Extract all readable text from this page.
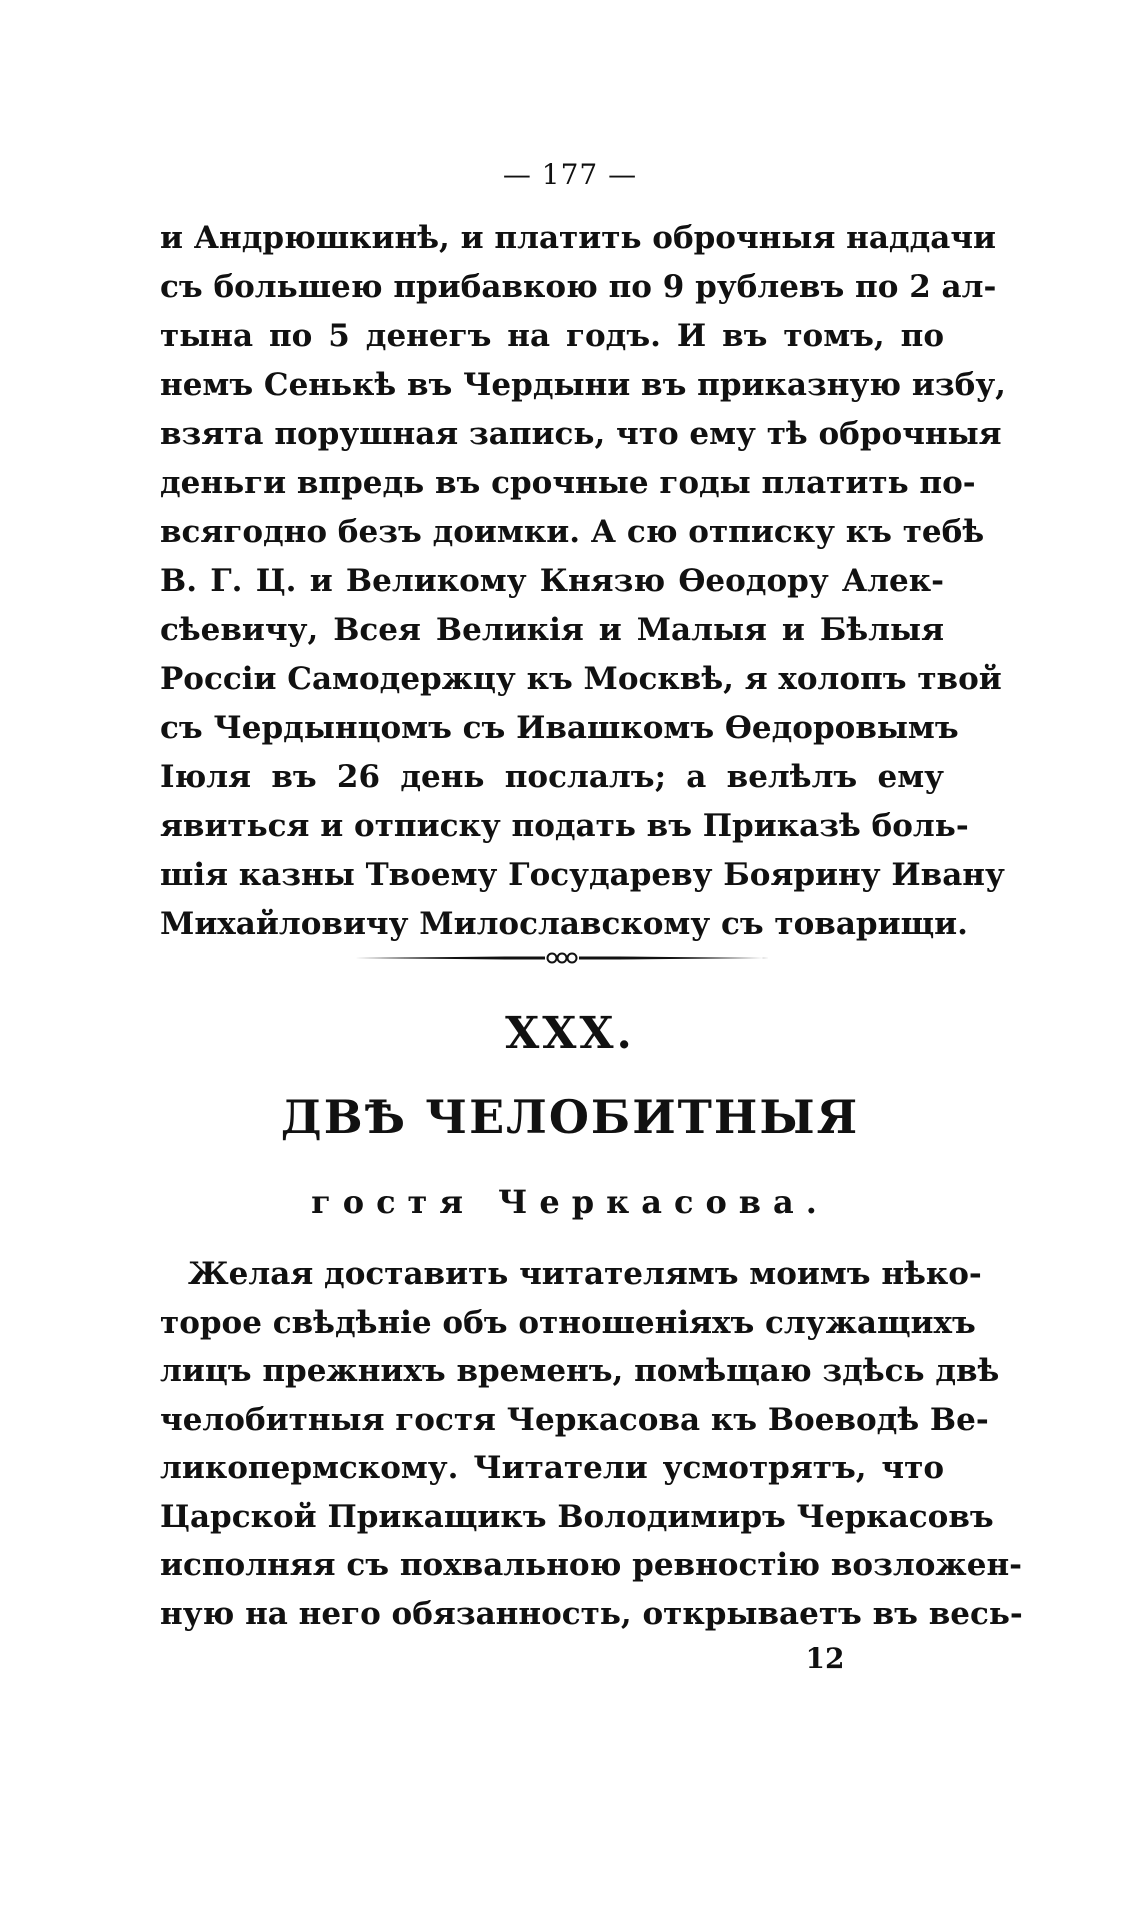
— 177 —
и Андрюшкинѣ, и платить оброчныя наддачи
съ большею прибавкою по 9 рублевъ по 2 ал-
тына по 5 денегъ на годъ. И въ томъ, по
немъ Сенькѣ въ Чердыни въ приказную избу,
взята порушная запись, что ему тѣ оброчныя
деньги впредь въ срочные годы платить по-
всягодно безъ доимки. А сю отписку къ тебѣ
В. Г. Ц. и Великому Князю Өеодору Алек-
сѣевичу, Всея Великія и Малыя и Бѣлыя
Россіи Самодержцу къ Москвѣ, я холопъ твой
съ Чердынцомъ съ Ивашкомъ Өедоровымъ
Іюля въ 26 день послалъ; а велѣлъ ему
явиться и отписку подать въ Приказѣ боль-
шія казны Твоему Государеву Боярину Ивану
Михайловичу Милославскому съ товарищи.
XXX.
ДВѢ ЧЕЛОБИТНЫЯ
гостя Черкасова.
Желая доставить читателямъ моимъ нѣко-
торое свѣдѣніе объ отношеніяхъ служащихъ
лицъ прежнихъ временъ, помѣщаю здѣсь двѣ
челобитныя гостя Черкасова къ Воеводѣ Ве-
ликопермскому. Читатели усмотрятъ, что
Царской Прикащикъ Володимиръ Черкасовъ
исполняя съ похвальною ревностію возложен-
ную на него обязанность, открываетъ въ весь-
12
